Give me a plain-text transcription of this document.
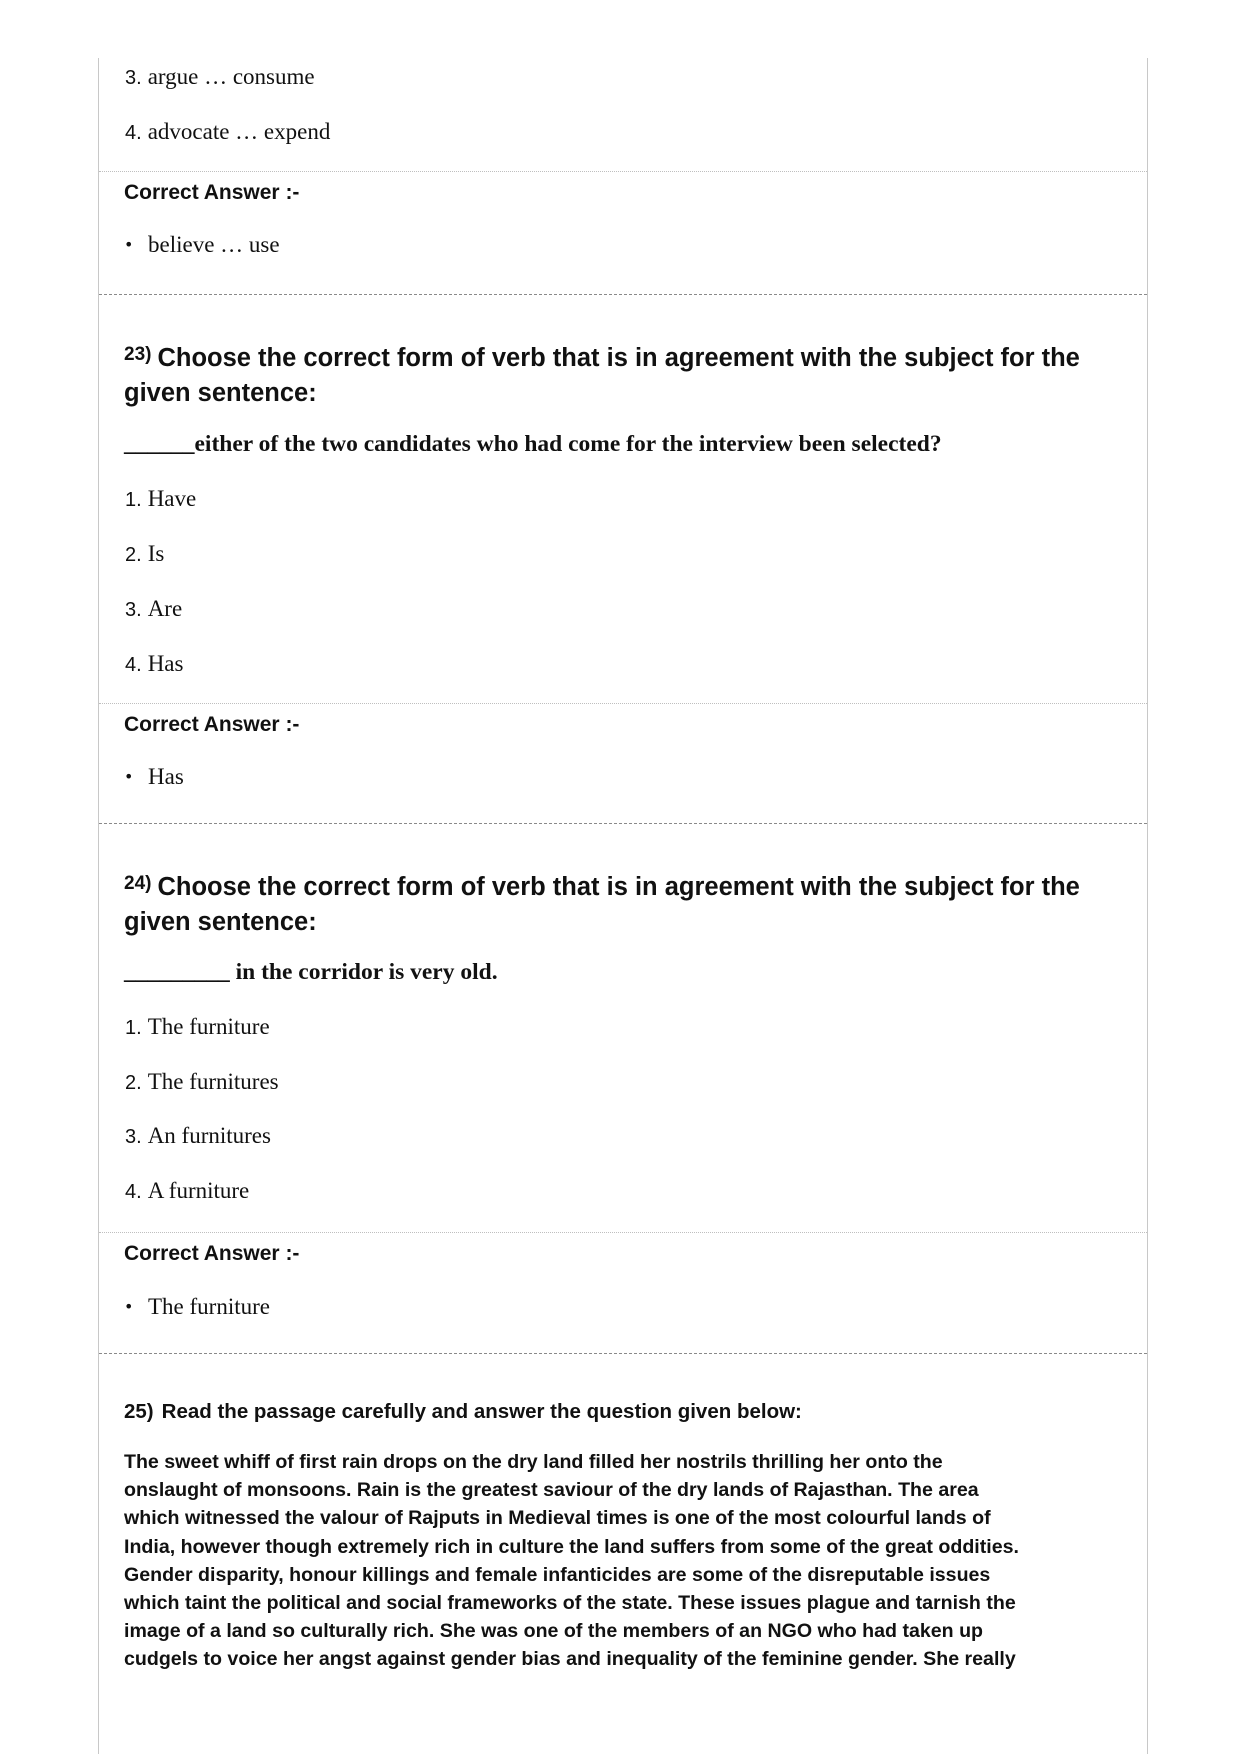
3. argue … consume
4. advocate … expend
Correct Answer :-
• believe … use
$^{23)}$ Choose the correct form of verb that is in agreement with the subject for the given sentence:
______either of the two candidates who had come for the interview been selected?
1. Have
2. Is
3. Are
4. Has
Correct Answer :-
• Has
$^{24)}$ Choose the correct form of verb that is in agreement with the subject for the given sentence:
_________ in the corridor is very old.
1. The furniture
2. The furnitures
3. An furnitures
4. A furniture
Correct Answer :-
• The furniture
25) Read the passage carefully and answer the question given below:
The sweet whiff of first rain drops on the dry land filled her nostrils thrilling her onto the
onslaught of monsoons. Rain is the greatest saviour of the dry lands of Rajasthan. The area
which witnessed the valour of Rajputs in Medieval times is one of the most colourful lands of
India, however though extremely rich in culture the land suffers from some of the great oddities.
Gender disparity, honour killings and female infanticides are some of the disreputable issues
which taint the political and social frameworks of the state. These issues plague and tarnish the
image of a land so culturally rich. She was one of the members of an NGO who had taken up
cudgels to voice her angst against gender bias and inequality of the feminine gender. She really
